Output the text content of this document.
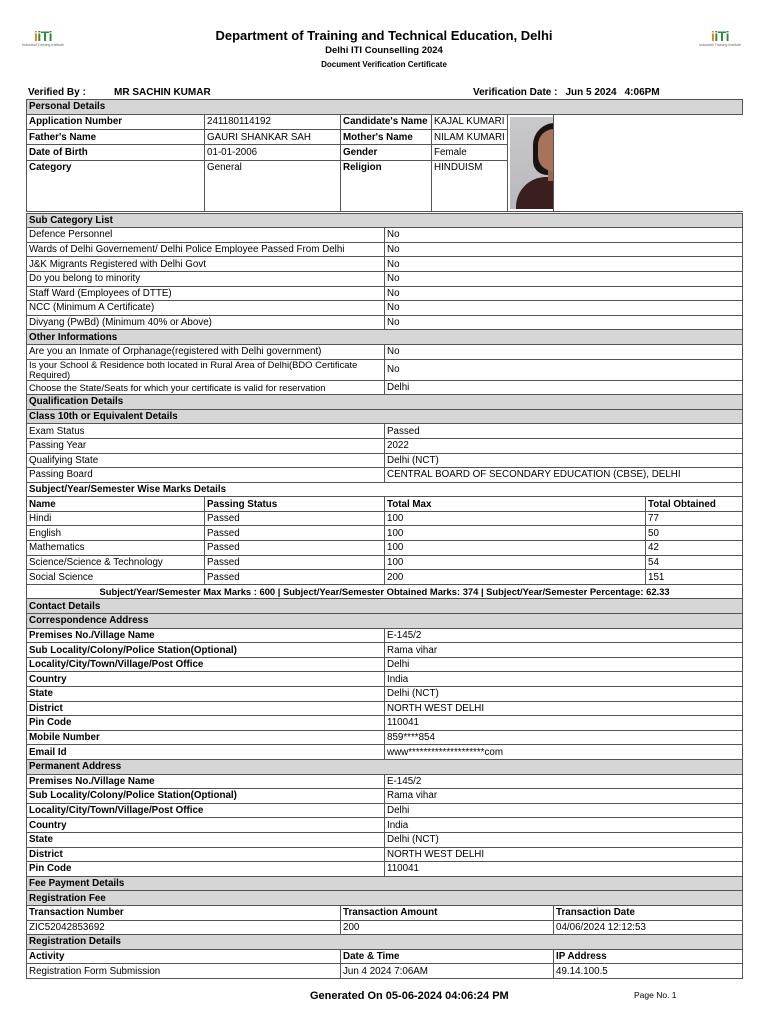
iiTi
Industrial Training Institute
iiTi
Industrial Training Institute
Department of Training and Technical Education, Delhi
Delhi ITI Counselling 2024
Document Verification Certificate
Verified By :	MR SACHIN KUMAR	Verification Date : Jun 5 2024 4:06PM
Personal Details							
Application Number	241180114192	Candidate's Name		KAJAL KUMARI			

Father's Name	GAURI SHANKAR SAH	Mother's Name		NILAM KUMARI			
Date of Birth	01-01-2006	Gender		Female			
Category	General	Religion		HINDUISM			

Sub Category List							
Defence Personnel			No				
Wards of Delhi Governement/ Delhi Police Employee Passed From Delhi			No				
J&K Migrants Registered with Delhi Govt			No				
Do you belong to minority			No				
Staff Ward (Employees of DTTE)			No				
NCC (Minimum A Certificate)			No				
Divyang (PwBd) (Minimum 40% or Above)			No				
Other Informations							
Are you an Inmate of Orphanage(registered with Delhi government)			No				
Is your School & Residence both located in Rural Area of Delhi(BDO Certificate Required)			No				
Choose the State/Seats for which your certificate is valid for reservation			Delhi				
Qualification Details							
Class 10th or Equivalent Details							
Exam Status			Passed				
Passing Year			2022				
Qualifying State			Delhi (NCT)				
Passing Board			CENTRAL BOARD OF SECONDARY EDUCATION (CBSE), DELHI				
Subject/Year/Semester Wise Marks Details							
Name	Passing Status		Total Max				Total Obtained
Hindi	Passed		100				77
English	Passed		100				50
Mathematics	Passed		100				42
Science/Science & Technology	Passed		100				54
Social Science	Passed		200				151
Subject/Year/Semester Max Marks : 600 | Subject/Year/Semester Obtained Marks: 374 | Subject/Year/Semester Percentage: 62.33							
Contact Details							
Correspondence Address							
Premises No./Village Name			E-145/2				
Sub Locality/Colony/Police Station(Optional)			Rama vihar				
Locality/City/Town/Village/Post Office			Delhi				
Country			India				
State			Delhi (NCT)				
District			NORTH WEST DELHI				
Pin Code			110041				
Mobile Number			859****854				
Email Id			www********************com				
Permanent Address							
Premises No./Village Name			E-145/2				
Sub Locality/Colony/Police Station(Optional)			Rama vihar				
Locality/City/Town/Village/Post Office			Delhi				
Country			India				
State			Delhi (NCT)				
District			NORTH WEST DELHI				
Pin Code			110041				
Fee Payment Details							
Registration Fee							
Transaction Number		Transaction Amount				Transaction Date	
ZIC52042853692		200				04/06/2024 12:12:53	
Registration Details							
Activity		Date & Time				IP Address	
Registration Form Submission		Jun 4 2024 7:06AM				49.14.100.5	
Generated On 05-06-2024 04:06:24 PM	Page No. 1
